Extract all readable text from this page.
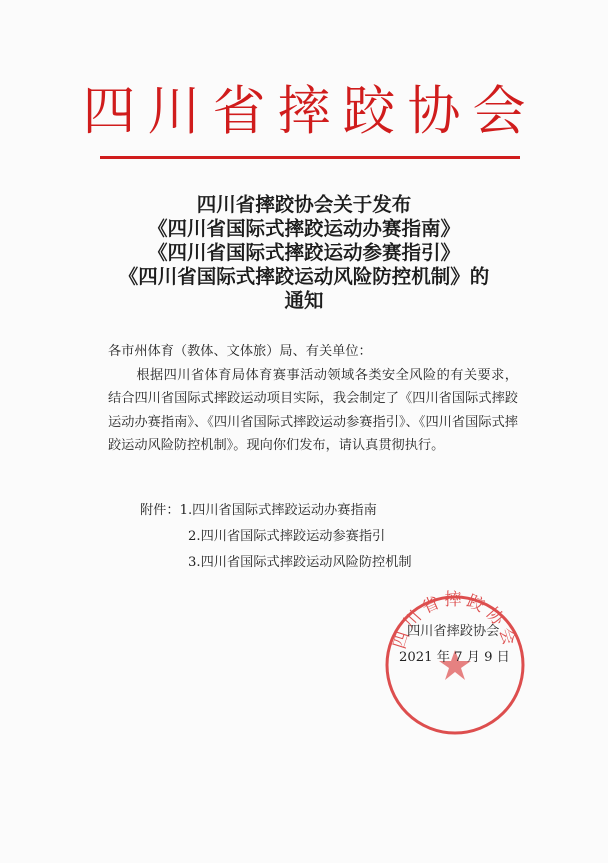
四川省摔跤协会
四川省摔跤协会关于发布
《四川省国际式摔跤运动办赛指南》
《四川省国际式摔跤运动参赛指引》
《四川省国际式摔跤运动风险防控机制》的
通知

各市州体育（教体、文体旅）局、有关单位：

根据四川省体育局体育赛事活动领域各类安全风险的有关要求，结合四川省国际式摔跤运动项目实际，我会制定了《四川省国际式摔跤运动办赛指南》、《四川省国际式摔跤运动参赛指引》、《四川省国际式摔跤运动风险防控机制》。现向你们发布，请认真贯彻执行。

附件：1.四川省国际式摔跤运动办赛指南
2.四川省国际式摔跤运动参赛指引
3.四川省国际式摔跤运动风险防控机制
四川省摔跤协会
四川省摔跤协会
2021 年 7 月 9 日
